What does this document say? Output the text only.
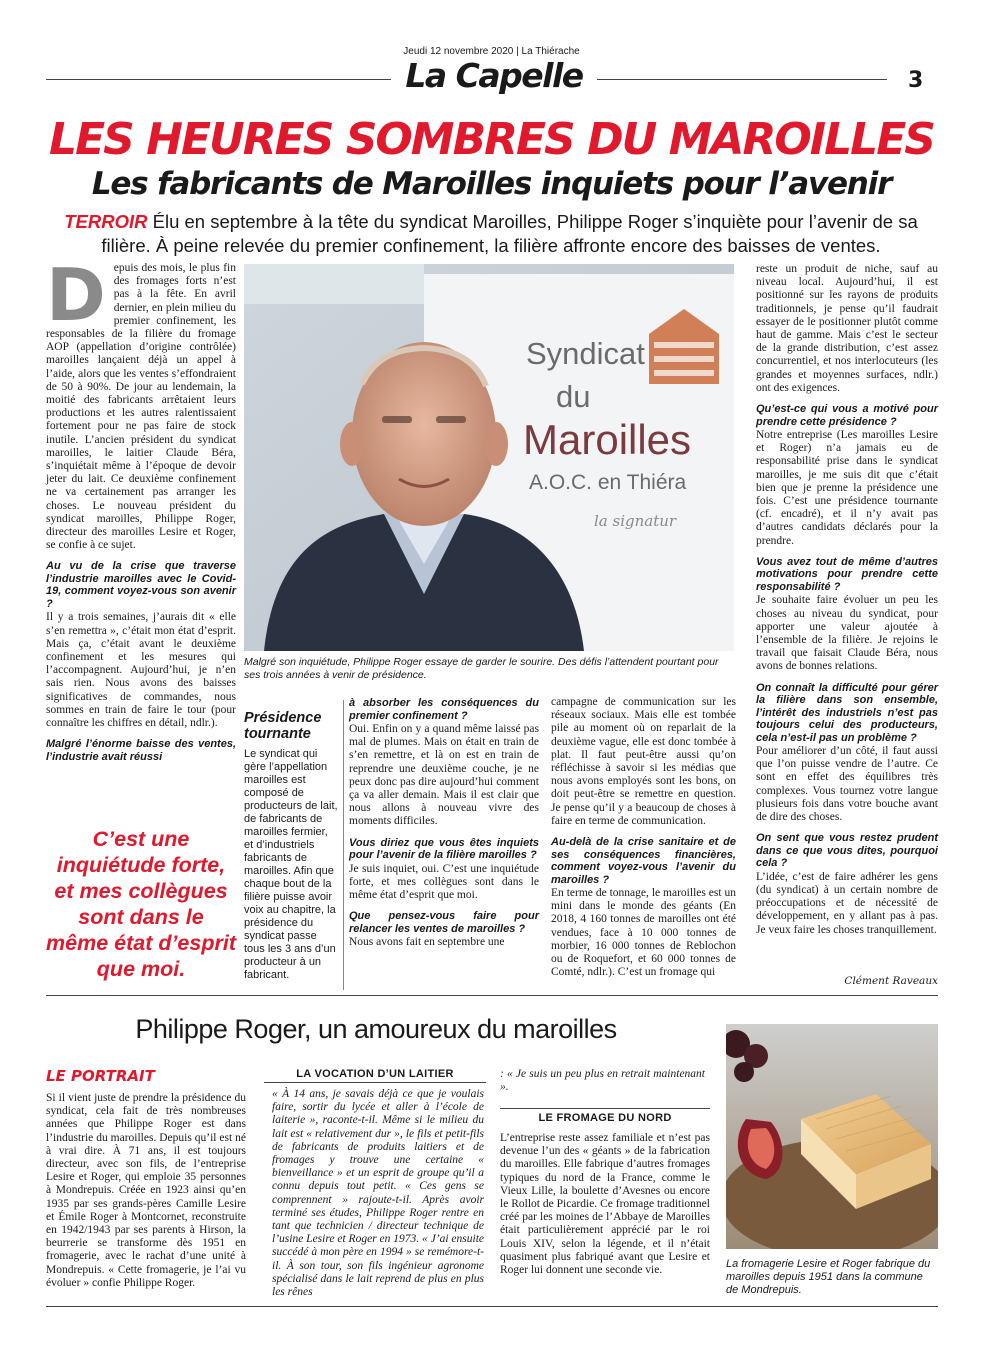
Jeudi 12 novembre 2020 | La Thiérache
La Capelle	3
LES HEURES SOMBRES DU MAROILLES
Les fabricants de Maroilles inquiets pour l’avenir
TERROIR Élu en septembre à la tête du syndicat Maroilles, Philippe Roger s’inquiète pour l’avenir de sa filière. À peine relevée du premier confinement, la filière affronte encore des baisses de ventes.

Depuis des mois, le plus fin des fromages forts n’est pas à la fête. En avril dernier, en plein milieu du premier confinement, les responsables de la filière du fromage AOP (appellation d’origine contrôlée) maroilles lançaient déjà un appel à l’aide, alors que les ventes s’effondraient de 50 à 90%. De jour au lendemain, la moitié des fabricants arrêtaient leurs productions et les autres ralentissaient fortement pour ne pas faire de stock inutile. L’ancien président du syndicat maroilles, le laitier Claude Béra, s’inquiétait même à l’époque de devoir jeter du lait. Ce deuxième confinement ne va certainement pas arranger les choses. Le nouveau président du syndicat maroilles, Philippe Roger, directeur des maroilles Lesire et Roger, se confie à ce sujet.

Au vu de la crise que traverse l’industrie maroilles avec le Covid-19, comment voyez-vous son avenir ?

Il y a trois semaines, j’aurais dit « elle s’en remettra », c’était mon état d’esprit. Mais ça, c’était avant le deuxième confinement et les mesures qui l’accompagnent. Aujourd’hui, je n’en sais rien. Nous avons des baisses significatives de commandes, nous sommes en train de faire le tour (pour connaître les chiffres en détail, ndlr.).

Malgré l’énorme baisse des ventes, l’industrie avait réussi
C’est une inquiétude forte, et mes collègues sont dans le même état d’esprit que moi.
Syndicat
du
Maroilles
A.O.C. en Thiéra
la signatur
Malgré son inquiétude, Philippe Roger essaye de garder le sourire. Des défis l’attendent pourtant pour ses trois années à venir de présidence.
Présidence tournante
Le syndicat qui gère l’appellation maroilles est composé de producteurs de lait, de fabricants de maroilles fermier, et d’industriels fabricants de maroilles. Afin que chaque bout de la filière puisse avoir voix au chapitre, la présidence du syndicat passe tous les 3 ans d’un producteur à un fabricant.
à absorber les conséquences du premier confinement ?

Oui. Enfin on y a quand même laissé pas mal de plumes. Mais on était en train de s’en remettre, et là on est en train de reprendre une deuxième couche, je ne peux donc pas dire aujourd’hui comment ça va aller demain. Mais il est clair que nous allons à nouveau vivre des moments difficiles.

Vous diriez que vous êtes inquiets pour l’avenir de la filière maroilles ?

Je suis inquiet, oui. C’est une inquiétude forte, et mes collègues sont dans le même état d’esprit que moi.

Que pensez-vous faire pour relancer les ventes de maroilles ?

Nous avons fait en septembre une

campagne de communication sur les réseaux sociaux. Mais elle est tombée pile au moment où on reparlait de la deuxième vague, elle est donc tombée à plat. Il faut peut-être aussi qu’on réfléchisse à savoir si les médias que nous avons employés sont les bons, on doit peut-être se remettre en question. Je pense qu’il y a beaucoup de choses à faire en terme de communication.

Au-delà de la crise sanitaire et de ses conséquences financières, comment voyez-vous l’avenir du maroilles ?

En terme de tonnage, le maroilles est un mini dans le monde des géants (En 2018, 4 160 tonnes de maroilles ont été vendues, face à 10 000 tonnes de morbier, 16 000 tonnes de Reblochon ou de Roquefort, et 60 000 tonnes de Comté, ndlr.). C’est un fromage qui

reste un produit de niche, sauf au niveau local. Aujourd’hui, il est positionné sur les rayons de produits traditionnels, je pense qu’il faudrait essayer de le positionner plutôt comme haut de gamme. Mais c’est le secteur de la grande distribution, c’est assez concurrentiel, et nos interlocuteurs (les grandes et moyennes surfaces, ndlr.) ont des exigences.

Qu’est-ce qui vous a motivé pour prendre cette présidence ?

Notre entreprise (Les maroilles Lesire et Roger) n’a jamais eu de responsabilité prise dans le syndicat maroilles, je me suis dit que c’était bien que je prenne la présidence une fois. C’est une présidence tournante (cf. encadré), et il n’y avait pas d’autres candidats déclarés pour la prendre.

Vous avez tout de même d’autres motivations pour prendre cette responsabilité ?

Je souhaite faire évoluer un peu les choses au niveau du syndicat, pour apporter une valeur ajoutée à l’ensemble de la filière. Je rejoins le travail que faisait Claude Béra, nous avons de bonnes relations.

On connaît la difficulté pour gérer la filière dans son ensemble, l’intérêt des industriels n’est pas toujours celui des producteurs, cela n’est-il pas un problème ?

Pour améliorer d’un côté, il faut aussi que l’on puisse vendre de l’autre. Ce sont en effet des équilibres très complexes. Vous tournez votre langue plusieurs fois dans votre bouche avant de dire des choses.

On sent que vous restez prudent dans ce que vous dites, pourquoi cela ?

L’idée, c’est de faire adhérer les gens (du syndicat) à un certain nombre de préoccupations et de nécessité de développement, en y allant pas à pas. Je veux faire les choses tranquillement.

Clément Raveaux
Philippe Roger, un amoureux du maroilles
LE PORTRAIT

Si il vient juste de prendre la présidence du syndicat, cela fait de très nombreuses années que Philippe Roger est dans l’industrie du maroilles. Depuis qu’il est né à vrai dire. À 71 ans, il est toujours directeur, avec son fils, de l’entreprise Lesire et Roger, qui emploie 35 personnes à Mondrepuis. Créée en 1923 ainsi qu’en 1935 par ses grands-pères Camille Lesire et Émile Roger à Montcornet, reconstruite en 1942/1943 par ses parents à Hirson, la beurrerie se transforme dès 1951 en fromagerie, avec le rachat d’une unité à Mondrepuis. « Cette fromagerie, je l’ai vu évoluer » confie Philippe Roger.

LA VOCATION D’UN LAITIER

« À 14 ans, je savais déjà ce que je voulais faire, sortir du lycée et aller à l’école de laiterie », raconte-t-il. Même si le milieu du lait est « relativement dur », le fils et petit-fils de fabricants de produits laitiers et de fromages y trouve une certaine « bienveillance » et un esprit de groupe qu’il a connu depuis tout petit. « Ces gens se comprennent » rajoute-t-il. Après avoir terminé ses études, Philippe Roger rentre en tant que technicien / directeur technique de l’usine Lesire et Roger en 1973. « J’ai ensuite succédé à mon père en 1994 » se remémore-t-il. À son tour, son fils ingénieur agronome spécialisé dans le lait reprend de plus en plus les rênes

: « Je suis un peu plus en retrait maintenant ».

LE FROMAGE DU NORD

L’entreprise reste assez familiale et n’est pas devenue l’un des « géants » de la fabrication du maroilles. Elle fabrique d’autres fromages typiques du nord de la France, comme le Vieux Lille, la boulette d’Avesnes ou encore le Rollot de Picardie. Ce fromage traditionnel créé par les moines de l’Abbaye de Maroilles était particulièrement apprécié par le roi Louis XIV, selon la légende, et il n’était quasiment plus fabriqué avant que Lesire et Roger lui donnent une seconde vie.

La fromagerie Lesire et Roger fabrique du maroilles depuis 1951 dans la commune de Mondrepuis.
